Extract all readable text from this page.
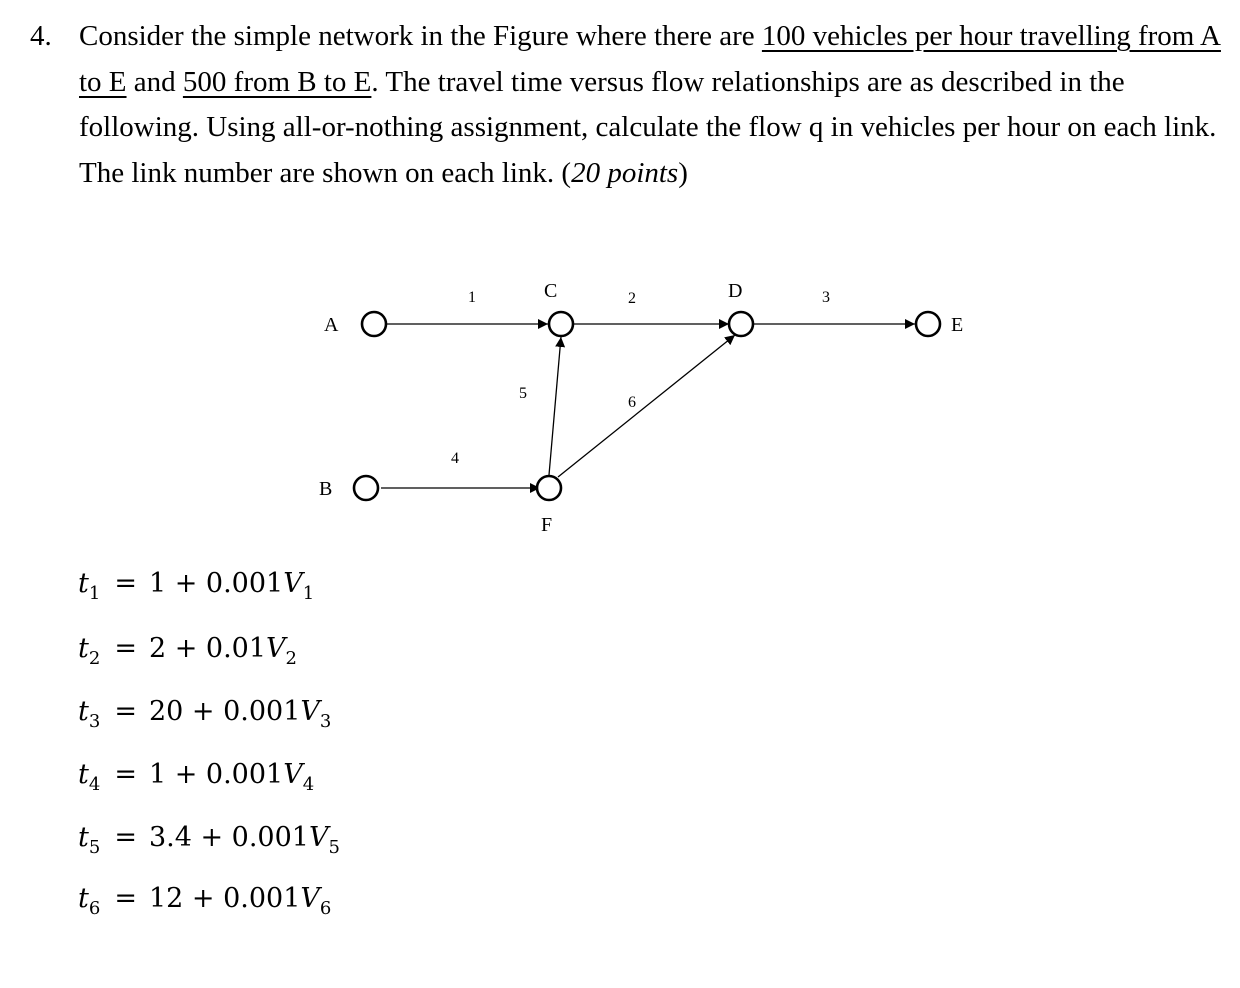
4. Consider the simple network in the Figure where there are 100 vehicles per hour travelling from A to E and 500 from B to E. The travel time versus flow relationships are as described in the following. Using all-or-nothing assignment, calculate the flow q in vehicles per hour on each link. The link number are shown on each link. (20 points)
A
B
C	D
E
F
1	2	3
4
5
6
$t_1 = 1 + 0.001V_1$
$t_2 = 2 + 0.01V_2$
$t_3 = 20 + 0.001V_3$
$t_4 = 1 + 0.001V_4$
$t_5 = 3.4 + 0.001V_5$
$t_6 = 12 + 0.001V_6$
